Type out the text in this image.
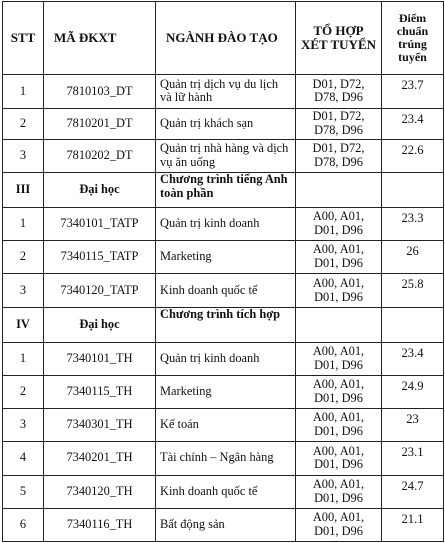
STT	MÃ ĐKXT	NGÀNH ĐÀO TẠO	TỔ HỢP XÉT TUYỂN	Điểm chuẩn trúng tuyển
1	7810103_DT	Quản trị dịch vụ du lịch và lữ hành	D01, D72, D78, D96	23.7
2	7810201_DT	Quản trị khách sạn	D01, D72, D78, D96	23.4
3	7810202_DT	Quản trị nhà hàng và dịch vụ ăn uống	D01, D72, D78, D96	22.6
III	Đại học	Chương trình tiếng Anh toàn phần		
1	7340101_TATP	Quản trị kinh doanh	A00, A01, D01, D96	23.3
2	7340115_TATP	Marketing	A00, A01, D01, D96	26
3	7340120_TATP	Kinh doanh quốc tế	A00, A01, D01, D96	25.8
IV	Đại học	Chương trình tích hợp		
1	7340101_TH	Quản trị kinh doanh	A00, A01, D01, D96	23.4
2	7340115_TH	Marketing	A00, A01, D01, D96	24.9
3	7340301_TH	Kế toán	A00, A01, D01, D96	23
4	7340201_TH	Tài chính – Ngân hàng	A00, A01, D01, D96	23.1
5	7340120_TH	Kinh doanh quốc tế	A00, A01, D01, D96	24.7
6	7340116_TH	Bất động sản	A00, A01, D01, D96	21.1
